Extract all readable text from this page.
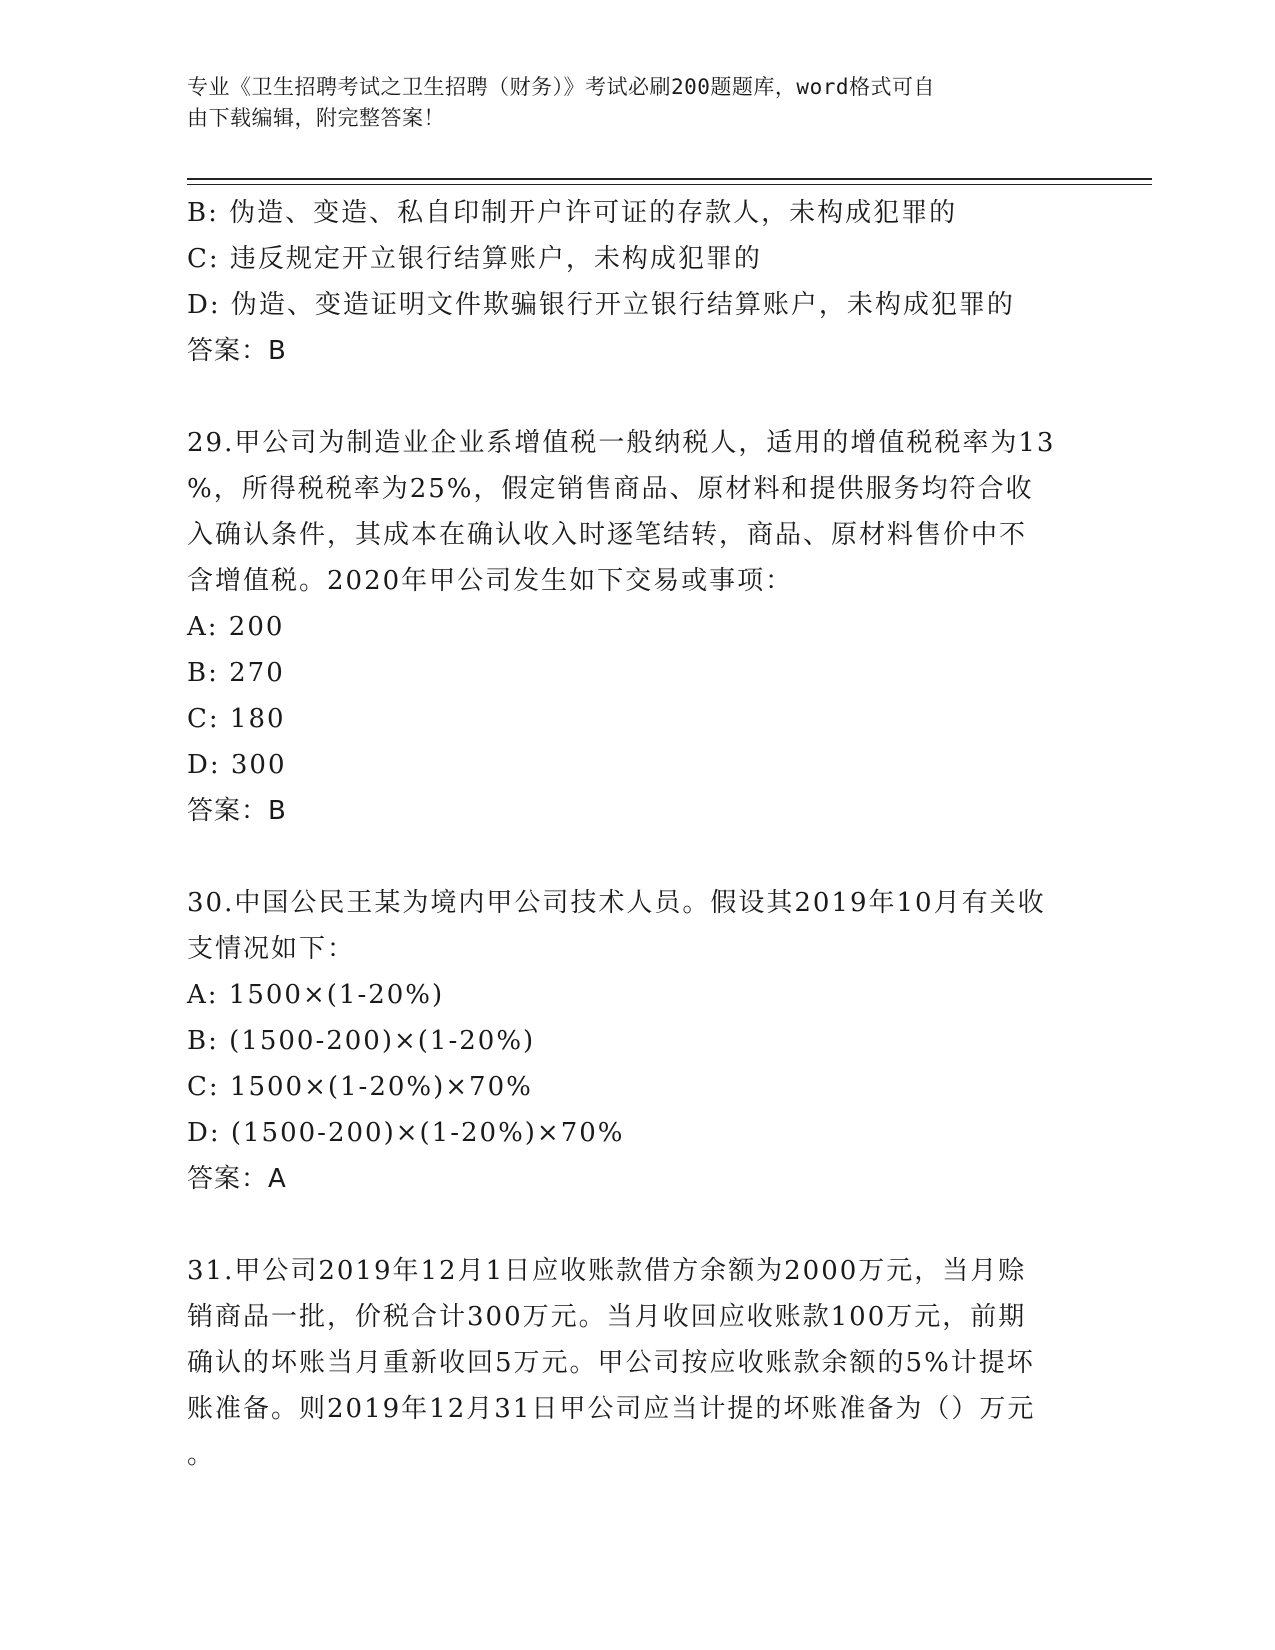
专业《卫生招聘考试之卫生招聘（财务）》考试必刷200题题库，word格式可自
由下载编辑，附完整答案！
B: 伪造、变造、私自印制开户许可证的存款人，未构成犯罪的
C: 违反规定开立银行结算账户，未构成犯罪的
D: 伪造、变造证明文件欺骗银行开立银行结算账户，未构成犯罪的
答案：B
29.甲公司为制造业企业系增值税一般纳税人，适用的增值税税率为13
%，所得税税率为25%，假定销售商品、原材料和提供服务均符合收
入确认条件，其成本在确认收入时逐笔结转，商品、原材料售价中不
含增值税。2020年甲公司发生如下交易或事项：
A: 200
B: 270
C: 180
D: 300
答案：B
30.中国公民王某为境内甲公司技术人员。假设其2019年10月有关收
支情况如下：
A: 1500×(1-20%)
B: (1500-200)×(1-20%)
C: 1500×(1-20%)×70%
D: (1500-200)×(1-20%)×70%
答案：A
31.甲公司2019年12月1日应收账款借方余额为2000万元，当月赊
销商品一批，价税合计300万元。当月收回应收账款100万元，前期
确认的坏账当月重新收回5万元。甲公司按应收账款余额的5%计提坏
账准备。则2019年12月31日甲公司应当计提的坏账准备为（）万元
。
